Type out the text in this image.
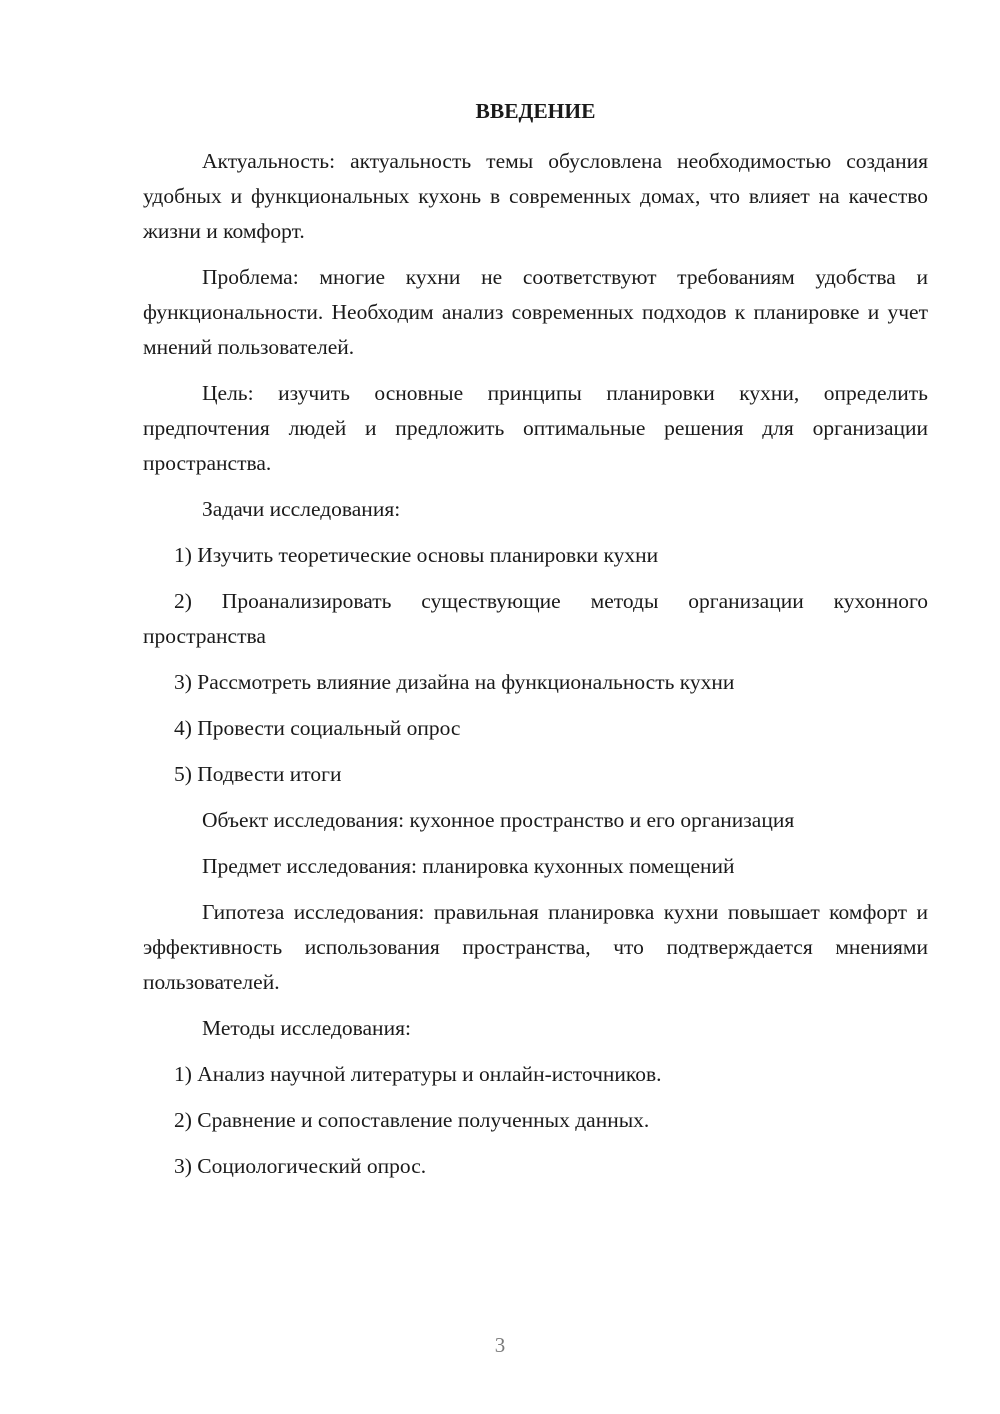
ВВЕДЕНИЕ

Актуальность: актуальность темы обусловлена необходимостью создания удобных и функциональных кухонь в современных домах, что влияет на качество жизни и комфорт.

Проблема: многие кухни не соответствуют требованиям удобства и функциональности. Необходим анализ современных подходов к планировке и учет мнений пользователей.

Цель: изучить основные принципы планировки кухни, определить предпочтения людей и предложить оптимальные решения для организации пространства.

Задачи исследования:

1) Изучить теоретические основы планировки кухни

2) Проанализировать существующие методы организации кухонного пространства

3) Рассмотреть влияние дизайна на функциональность кухни

4) Провести социальный опрос

5) Подвести итоги

Объект исследования: кухонное пространство и его организация

Предмет исследования: планировка кухонных помещений

Гипотеза исследования: правильная планировка кухни повышает комфорт и эффективность использования пространства, что подтверждается мнениями пользователей.

Методы исследования:

1) Анализ научной литературы и онлайн-источников.

2) Сравнение и сопоставление полученных данных.

3) Социологический опрос.

3
